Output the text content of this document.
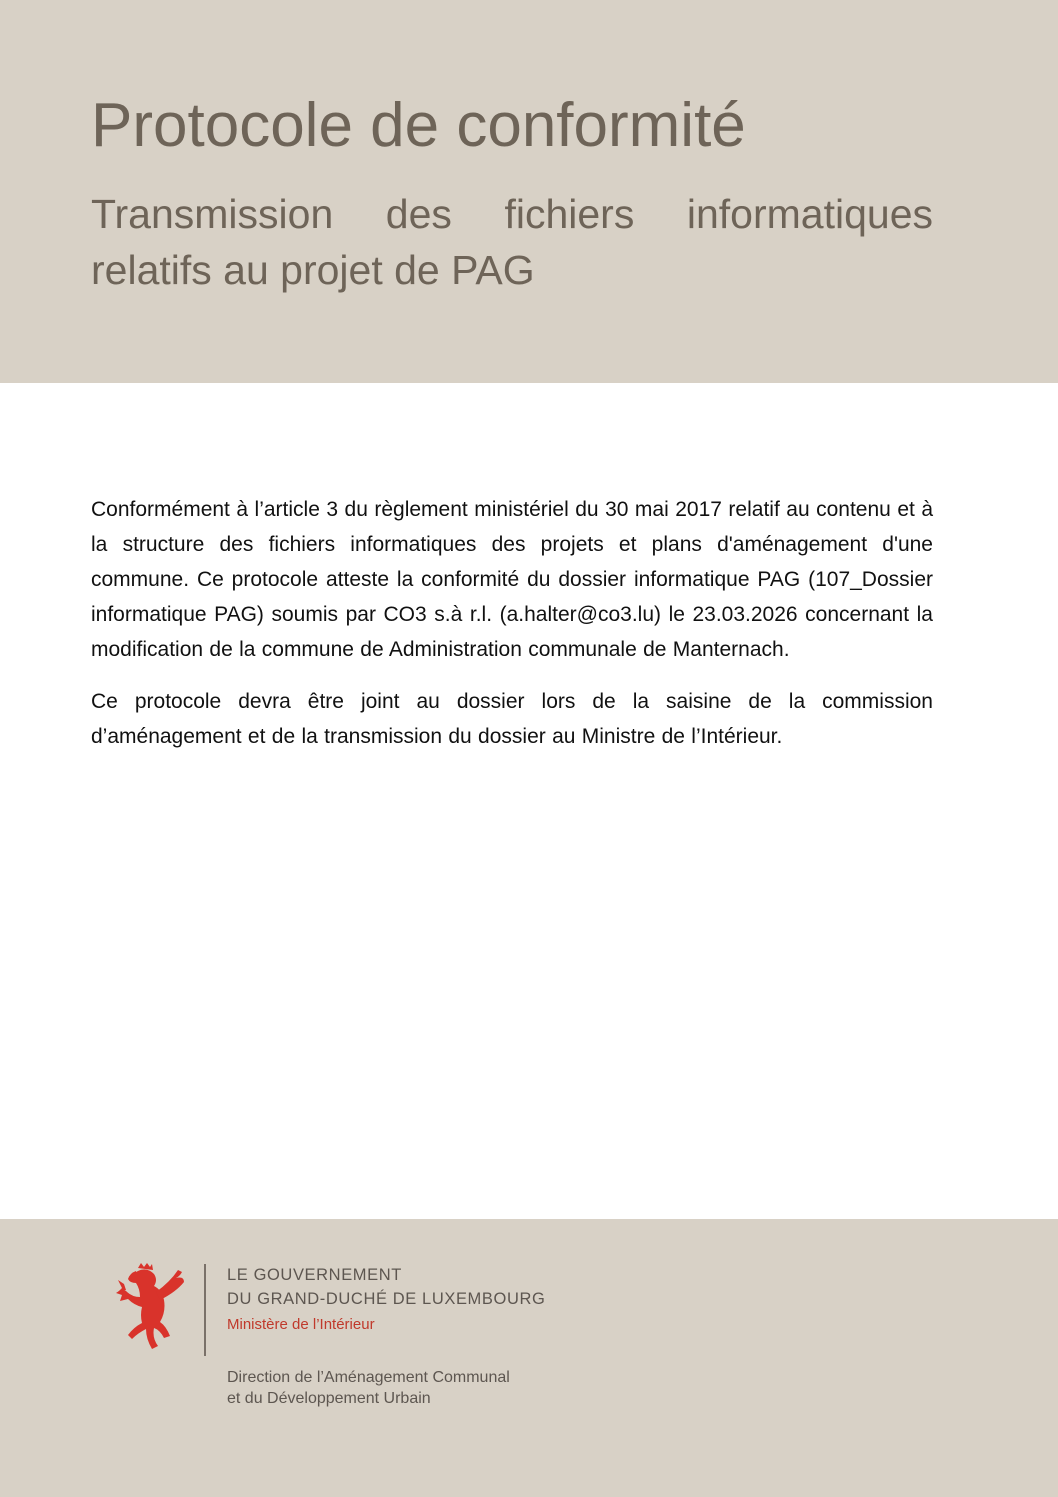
Protocole de conformité
Transmission des fichiers informatiques relatifs au projet de PAG

Conformément à l’article 3 du règlement ministériel du 30 mai 2017 relatif au contenu et à la structure des fichiers informatiques des projets et plans d'aménagement d'une commune. Ce protocole atteste la conformité du dossier informatique PAG (107_Dossier informatique PAG) soumis par CO3 s.à r.l. (a.halter@co3.lu) le 23.03.2026 concernant la modification de la commune de Administration communale de Manternach.

Ce protocole devra être joint au dossier lors de la saisine de la commission d’aménagement et de la transmission du dossier au Ministre de l’Intérieur.

LE GOUVERNEMENT
DU GRAND-DUCHÉ DE LUXEMBOURG
Ministère de l’Intérieur
Direction de l’Aménagement Communal
et du Développement Urbain
